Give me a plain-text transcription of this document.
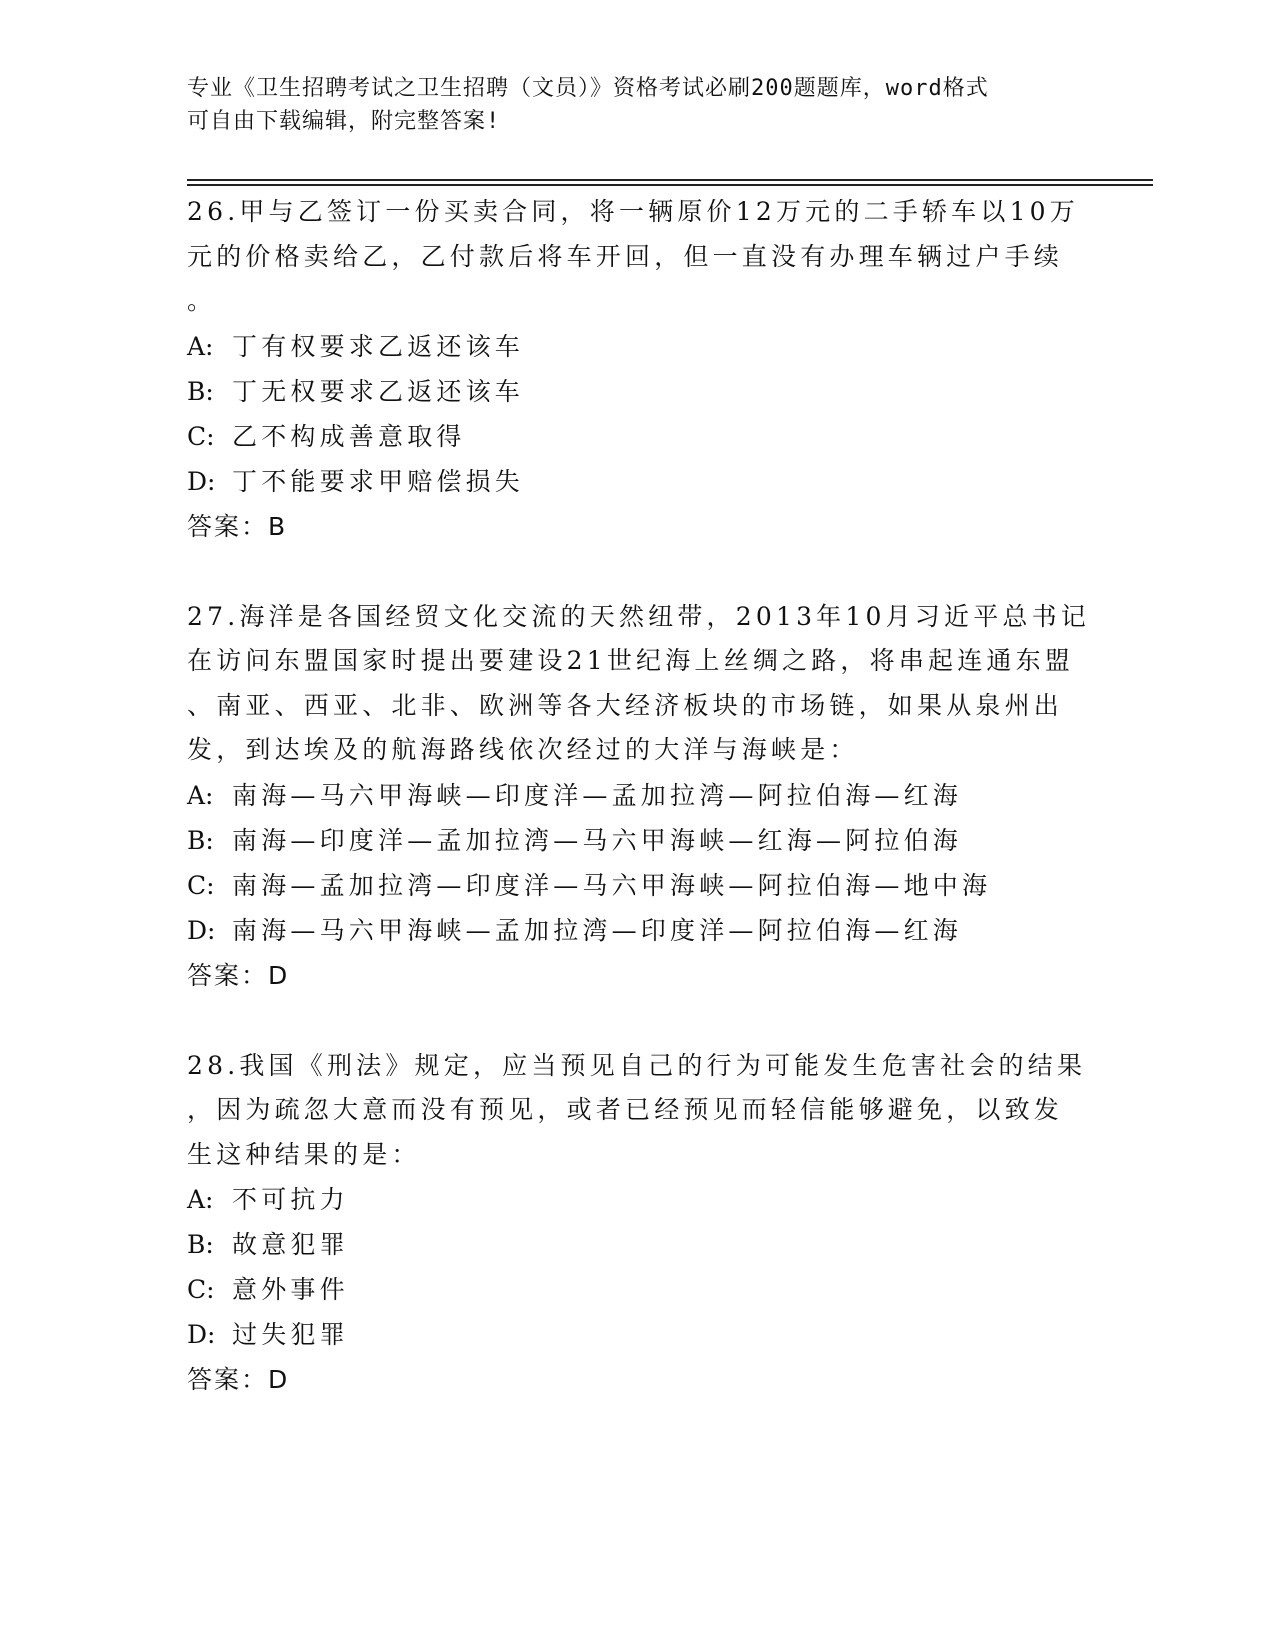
专业《卫生招聘考试之卫生招聘（文员）》资格考试必刷200题题库，word格式
可自由下载编辑，附完整答案!
26.甲与乙签订一份买卖合同，将一辆原价12万元的二手轿车以10万
元的价格卖给乙，乙付款后将车开回，但一直没有办理车辆过户手续
。
A: 丁有权要求乙返还该车
B: 丁无权要求乙返还该车
C: 乙不构成善意取得
D: 丁不能要求甲赔偿损失
答案：B
27.海洋是各国经贸文化交流的天然纽带，2013年10月习近平总书记
在访问东盟国家时提出要建设21世纪海上丝绸之路，将串起连通东盟
、南亚、西亚、北非、欧洲等各大经济板块的市场链，如果从泉州出
发，到达埃及的航海路线依次经过的大洋与海峡是：
A: 南海—马六甲海峡—印度洋—孟加拉湾—阿拉伯海—红海
B: 南海—印度洋—孟加拉湾—马六甲海峡—红海—阿拉伯海
C: 南海—孟加拉湾—印度洋—马六甲海峡—阿拉伯海—地中海
D: 南海—马六甲海峡—孟加拉湾—印度洋—阿拉伯海—红海
答案：D
28.我国《刑法》规定，应当预见自己的行为可能发生危害社会的结果
，因为疏忽大意而没有预见，或者已经预见而轻信能够避免，以致发
生这种结果的是：
A: 不可抗力
B: 故意犯罪
C: 意外事件
D: 过失犯罪
答案：D
